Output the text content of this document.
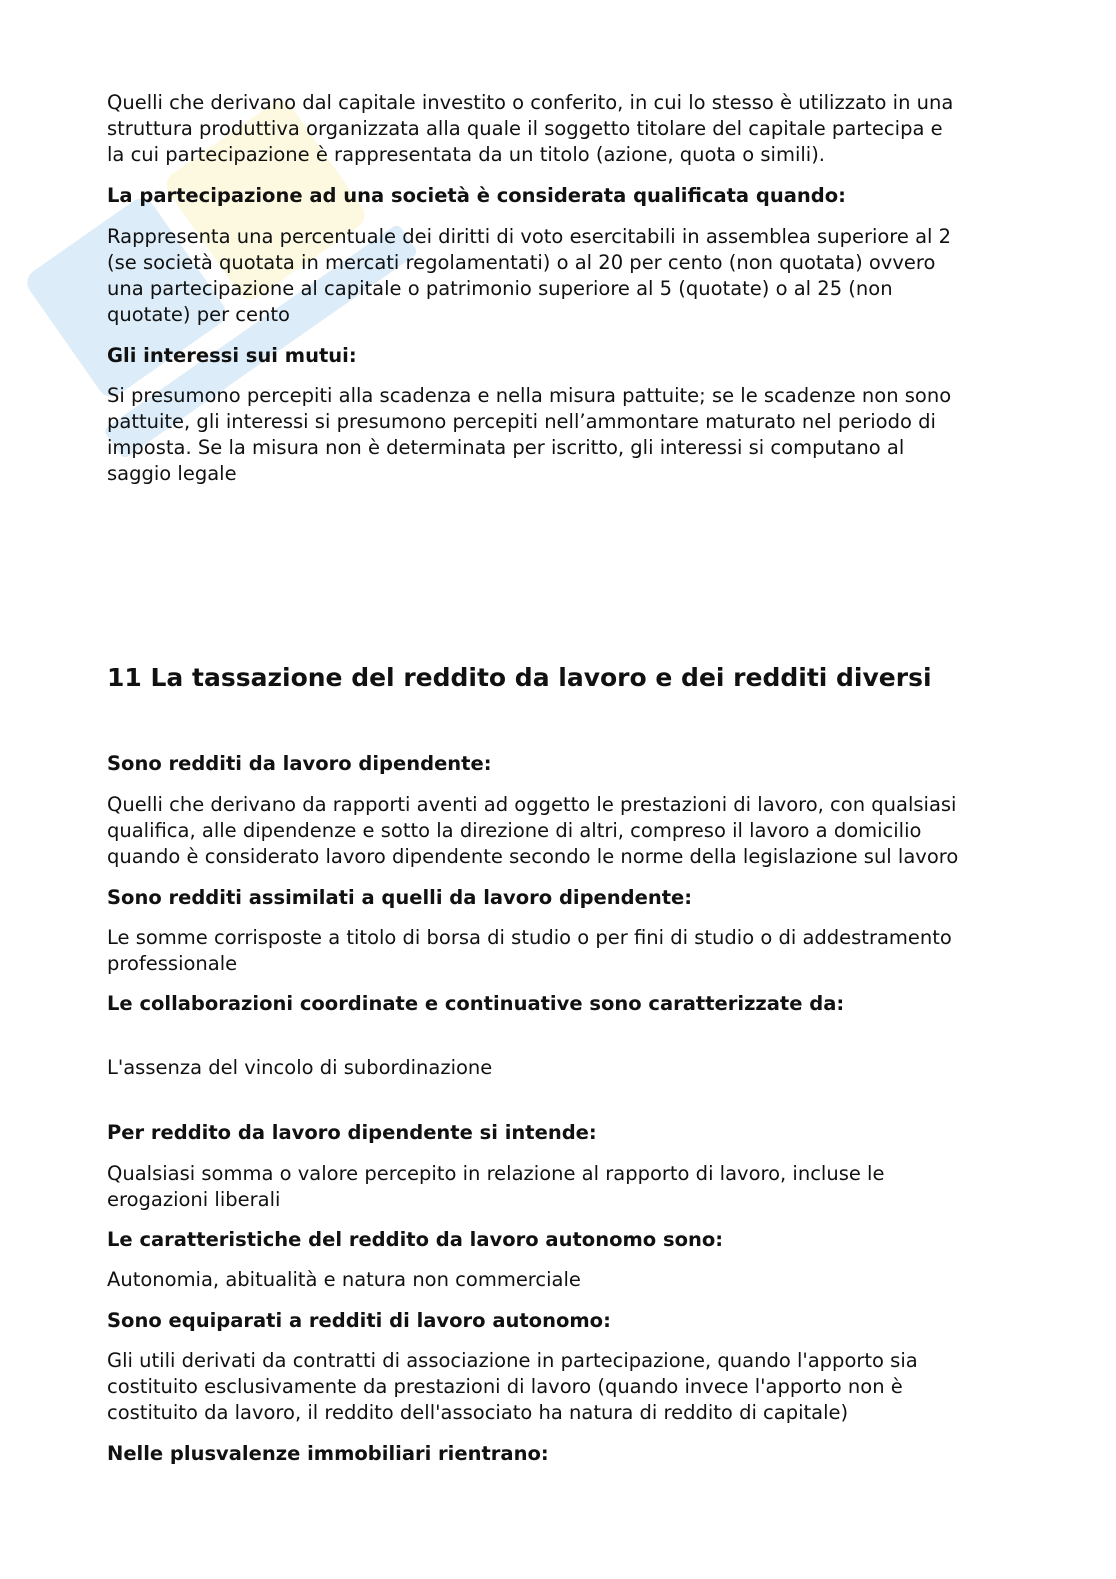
Quelli che derivano dal capitale investito o conferito, in cui lo stesso è utilizzato in una

struttura produttiva organizzata alla quale il soggetto titolare del capitale partecipa e

la cui partecipazione è rappresentata da un titolo (azione, quota o simili).

La partecipazione ad una società è considerata qualificata quando:

Rappresenta una percentuale dei diritti di voto esercitabili in assemblea superiore al 2

(se società quotata in mercati regolamentati) o al 20 per cento (non quotata) ovvero

una partecipazione al capitale o patrimonio superiore al 5 (quotate) o al 25 (non

quotate) per cento

Gli interessi sui mutui:

Si presumono percepiti alla scadenza e nella misura pattuite; se le scadenze non sono

pattuite, gli interessi si presumono percepiti nell’ammontare maturato nel periodo di

imposta. Se la misura non è determinata per iscritto, gli interessi si computano al

saggio legale

11 La tassazione del reddito da lavoro e dei redditi diversi

Sono redditi da lavoro dipendente:

Quelli che derivano da rapporti aventi ad oggetto le prestazioni di lavoro, con qualsiasi

qualifica, alle dipendenze e sotto la direzione di altri, compreso il lavoro a domicilio

quando è considerato lavoro dipendente secondo le norme della legislazione sul lavoro

Sono redditi assimilati a quelli da lavoro dipendente:

Le somme corrisposte a titolo di borsa di studio o per fini di studio o di addestramento

professionale

Le collaborazioni coordinate e continuative sono caratterizzate da:

L'assenza del vincolo di subordinazione

Per reddito da lavoro dipendente si intende:

Qualsiasi somma o valore percepito in relazione al rapporto di lavoro, incluse le

erogazioni liberali

Le caratteristiche del reddito da lavoro autonomo sono:

Autonomia, abitualità e natura non commerciale

Sono equiparati a redditi di lavoro autonomo:

Gli utili derivati da contratti di associazione in partecipazione, quando l'apporto sia

costituito esclusivamente da prestazioni di lavoro (quando invece l'apporto non è

costituito da lavoro, il reddito dell'associato ha natura di reddito di capitale)

Nelle plusvalenze immobiliari rientrano:
